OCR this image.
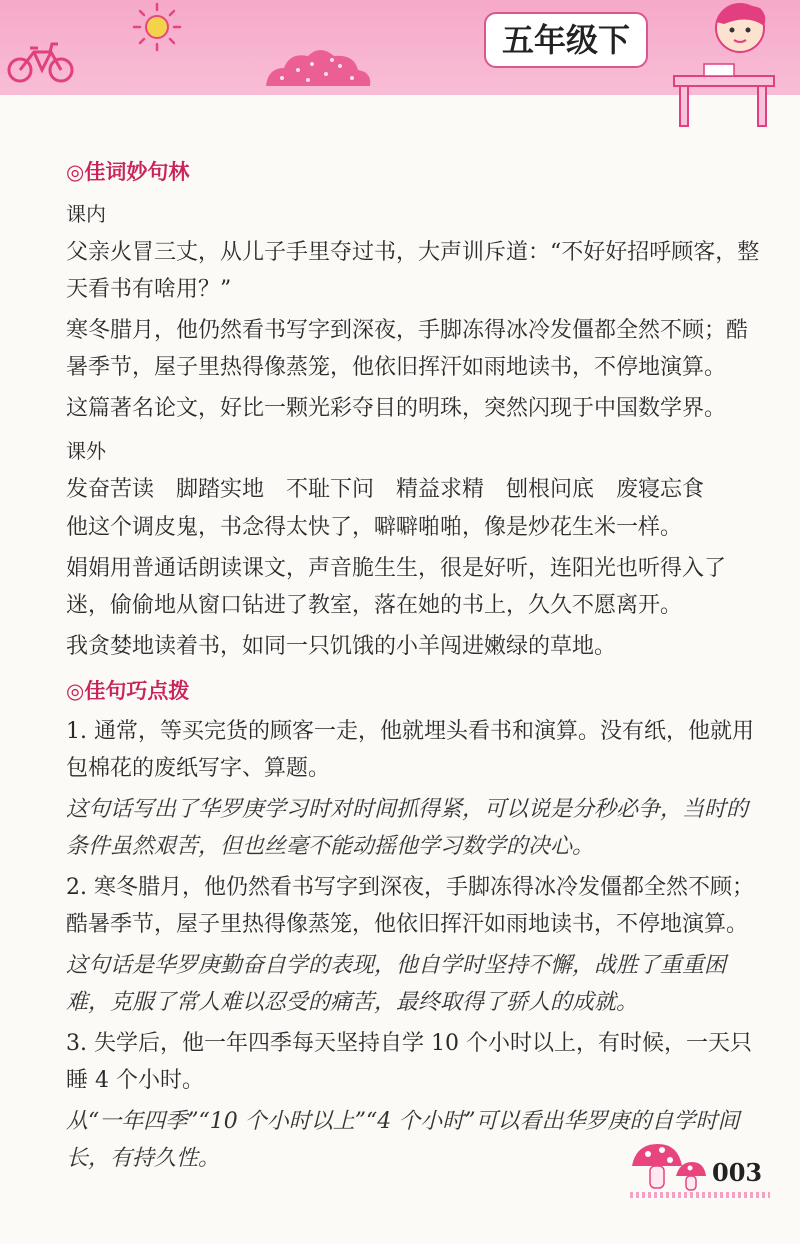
五年级下
◎佳词妙句林
课内

父亲火冒三丈，从儿子手里夺过书，大声训斥道：“不好好招呼顾客，整天看书有啥用？”

寒冬腊月，他仍然看书写字到深夜，手脚冻得冰冷发僵都全然不顾；酷暑季节，屋子里热得像蒸笼，他依旧挥汗如雨地读书，不停地演算。

这篇著名论文，好比一颗光彩夺目的明珠，突然闪现于中国数学界。

课外
发奋苦读　脚踏实地　不耻下问　精益求精　刨根问底　废寝忘食

他这个调皮鬼，书念得太快了，噼噼啪啪，像是炒花生米一样。

娟娟用普通话朗读课文，声音脆生生，很是好听，连阳光也听得入了迷，偷偷地从窗口钻进了教室，落在她的书上，久久不愿离开。

我贪婪地读着书，如同一只饥饿的小羊闯进嫩绿的草地。

◎佳句巧点拨

1. 通常，等买完货的顾客一走，他就埋头看书和演算。没有纸，他就用包棉花的废纸写字、算题。

这句话写出了华罗庚学习时对时间抓得紧，可以说是分秒必争，当时的条件虽然艰苦，但也丝毫不能动摇他学习数学的决心。

2. 寒冬腊月，他仍然看书写字到深夜，手脚冻得冰冷发僵都全然不顾；酷暑季节，屋子里热得像蒸笼，他依旧挥汗如雨地读书，不停地演算。

这句话是华罗庚勤奋自学的表现，他自学时坚持不懈，战胜了重重困难，克服了常人难以忍受的痛苦，最终取得了骄人的成就。

3. 失学后，他一年四季每天坚持自学 10 个小时以上，有时候，一天只睡 4 个小时。

从“一年四季”“10 个小时以上”“4 个小时”可以看出华罗庚的自学时间长，有持久性。	003
